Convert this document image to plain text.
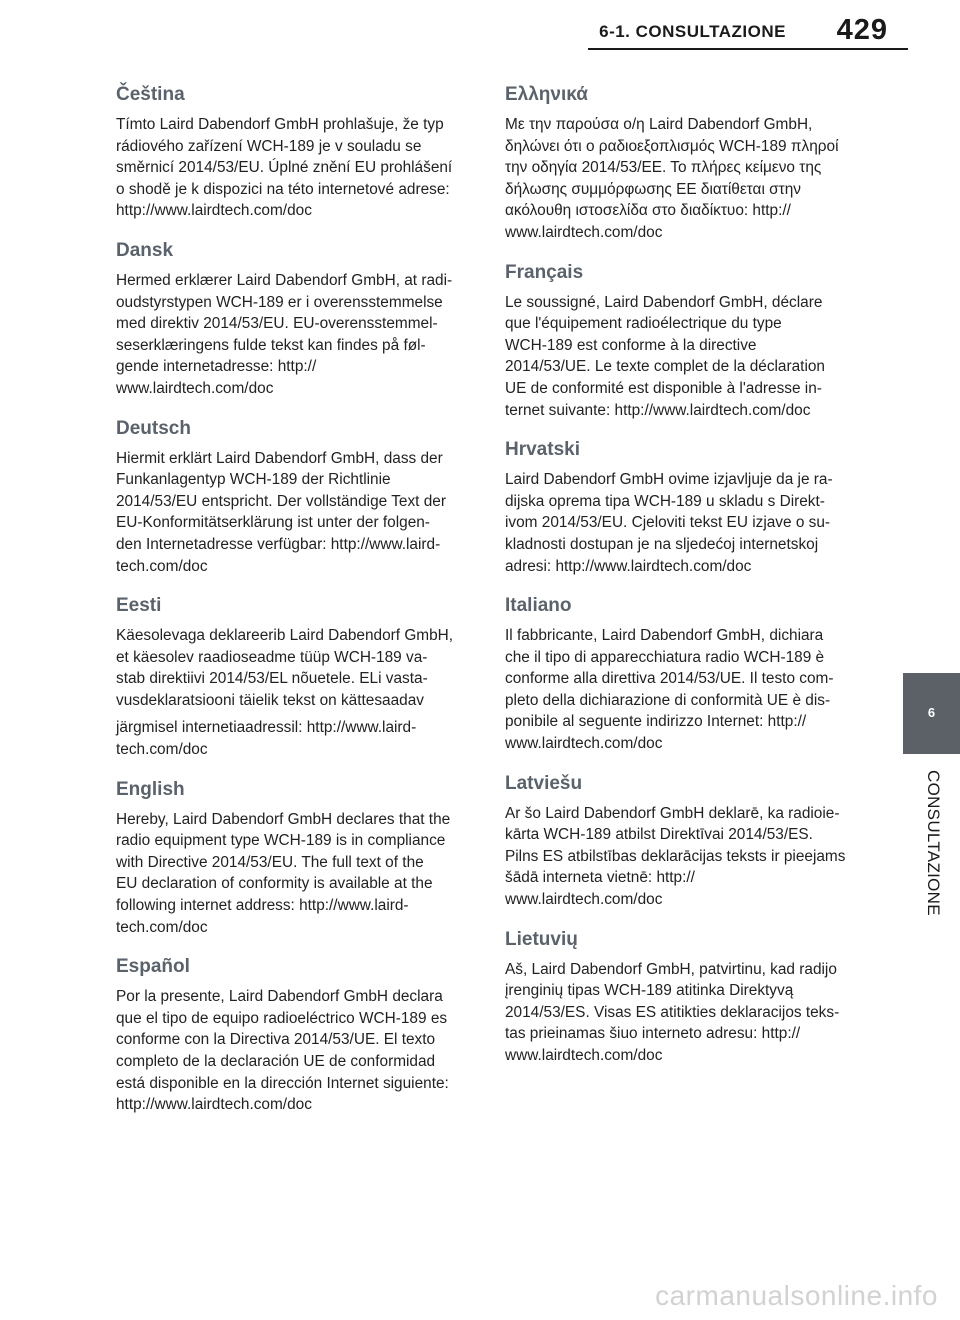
6-1. CONSULTAZIONE 429
Čeština

Tímto Laird Dabendorf GmbH prohlašuje, že typ
rádiového zařízení WCH-189 je v souladu se
směrnicí 2014/53/EU. Úplné znění EU prohlášení
o shodě je k dispozici na této internetové adrese:
http://www.lairdtech.com/doc

Dansk

Hermed erklærer Laird Dabendorf GmbH, at radi-
oudstyrstypen WCH-189 er i overensstemmelse
med direktiv 2014/53/EU. EU-overensstemmel-
seserklæringens fulde tekst kan findes på føl-
gende internetadresse: http://
www.lairdtech.com/doc

Deutsch

Hiermit erklärt Laird Dabendorf GmbH, dass der
Funkanlagentyp WCH-189 der Richtlinie
2014/53/EU entspricht. Der vollständige Text der
EU-Konformitätserklärung ist unter der folgen-
den Internetadresse verfügbar: http://www.laird-
tech.com/doc

Eesti

Käesolevaga deklareerib Laird Dabendorf GmbH,
et käesolev raadioseadme tüüp WCH-189 va-
stab direktiivi 2014/53/EL nõuetele. ELi vasta-
vusdeklaratsiooni täielik tekst on kättesaadav

järgmisel internetiaadressil: http://www.laird-
tech.com/doc

English

Hereby, Laird Dabendorf GmbH declares that the
radio equipment type WCH-189 is in compliance
with Directive 2014/53/EU. The full text of the
EU declaration of conformity is available at the
following internet address: http://www.laird-
tech.com/doc

Español

Por la presente, Laird Dabendorf GmbH declara
que el tipo de equipo radioeléctrico WCH-189 es
conforme con la Directiva 2014/53/UE. El texto
completo de la declaración UE de conformidad
está disponible en la dirección Internet siguiente:
http://www.lairdtech.com/doc

Ελληνικά

Με την παρούσα ο/η Laird Dabendorf GmbH,
δηλώνει ότι ο ραδιοεξοπλισμός WCH-189 πληροί
την οδηγία 2014/53/ΕΕ. Το πλήρες κείμενο της
δήλωσης συμμόρφωσης ΕΕ διατίθεται στην
ακόλουθη ιστοσελίδα στο διαδίκτυο: http://
www.lairdtech.com/doc

Français

Le soussigné, Laird Dabendorf GmbH, déclare
que l'équipement radioélectrique du type
WCH-189 est conforme à la directive
2014/53/UE. Le texte complet de la déclaration
UE de conformité est disponible à l'adresse in-
ternet suivante: http://www.lairdtech.com/doc

Hrvatski

Laird Dabendorf GmbH ovime izjavljuje da je ra-
dijska oprema tipa WCH-189 u skladu s Direkt-
ivom 2014/53/EU. Cjeloviti tekst EU izjave o su-
kladnosti dostupan je na sljedećoj internetskoj
adresi: http://www.lairdtech.com/doc

Italiano

Il fabbricante, Laird Dabendorf GmbH, dichiara
che il tipo di apparecchiatura radio WCH-189 è
conforme alla direttiva 2014/53/UE. Il testo com-
pleto della dichiarazione di conformità UE è dis-
ponibile al seguente indirizzo Internet: http://
www.lairdtech.com/doc

Latviešu

Ar šo Laird Dabendorf GmbH deklarē, ka radioie-
kārta WCH-189 atbilst Direktīvai 2014/53/ES.
Pilns ES atbilstības deklarācijas teksts ir pieejams
šādā interneta vietnē: http://
www.lairdtech.com/doc

Lietuvių

Aš, Laird Dabendorf GmbH, patvirtinu, kad radijo
įrenginių tipas WCH-189 atitinka Direktyvą
2014/53/ES. Visas ES atitikties deklaracijos teks-
tas prieinamas šiuo interneto adresu: http://
www.lairdtech.com/doc

6
CONSULTAZIONE
carmanualsonline.info
